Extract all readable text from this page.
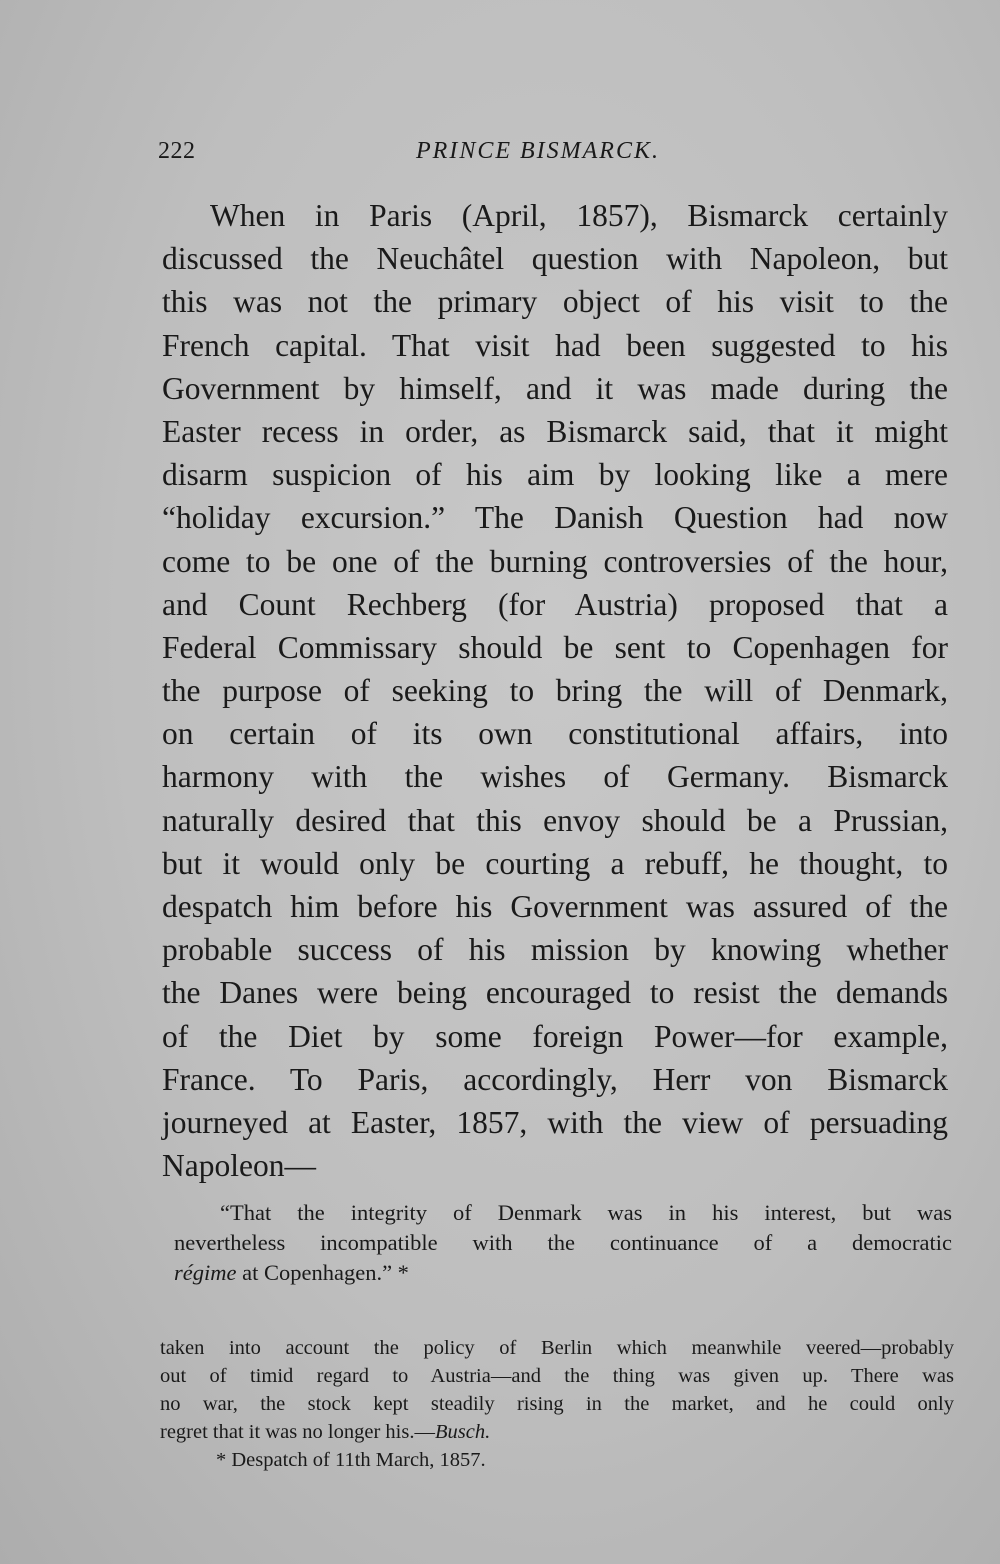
222	PRINCE BISMARCK.
When in Paris (April, 1857), Bismarck certainly
discussed the Neuchâtel question with Napoleon, but
this was not the primary object of his visit to the
French capital. That visit had been suggested to his
Government by himself, and it was made during the
Easter recess in order, as Bismarck said, that it might
disarm suspicion of his aim by looking like a mere
“holiday excursion.” The Danish Question had now
come to be one of the burning controversies of the hour,
and Count Rechberg (for Austria) proposed that a
Federal Commissary should be sent to Copenhagen for
the purpose of seeking to bring the will of Denmark,
on certain of its own constitutional affairs, into
harmony with the wishes of Germany. Bismarck
naturally desired that this envoy should be a Prussian,
but it would only be courting a rebuff, he thought, to
despatch him before his Government was assured of the
probable success of his mission by knowing whether
the Danes were being encouraged to resist the demands
of the Diet by some foreign Power—for example,
France. To Paris, accordingly, Herr von Bismarck
journeyed at Easter, 1857, with the view of persuading
Napoleon—
“That the integrity of Denmark was in his interest, but was
nevertheless incompatible with the continuance of a democratic
régime at Copenhagen.” *
taken into account the policy of Berlin which meanwhile veered—probably
out of timid regard to Austria—and the thing was given up. There was
no war, the stock kept steadily rising in the market, and he could only
regret that it was no longer his.—Busch.
* Despatch of 11th March, 1857.
